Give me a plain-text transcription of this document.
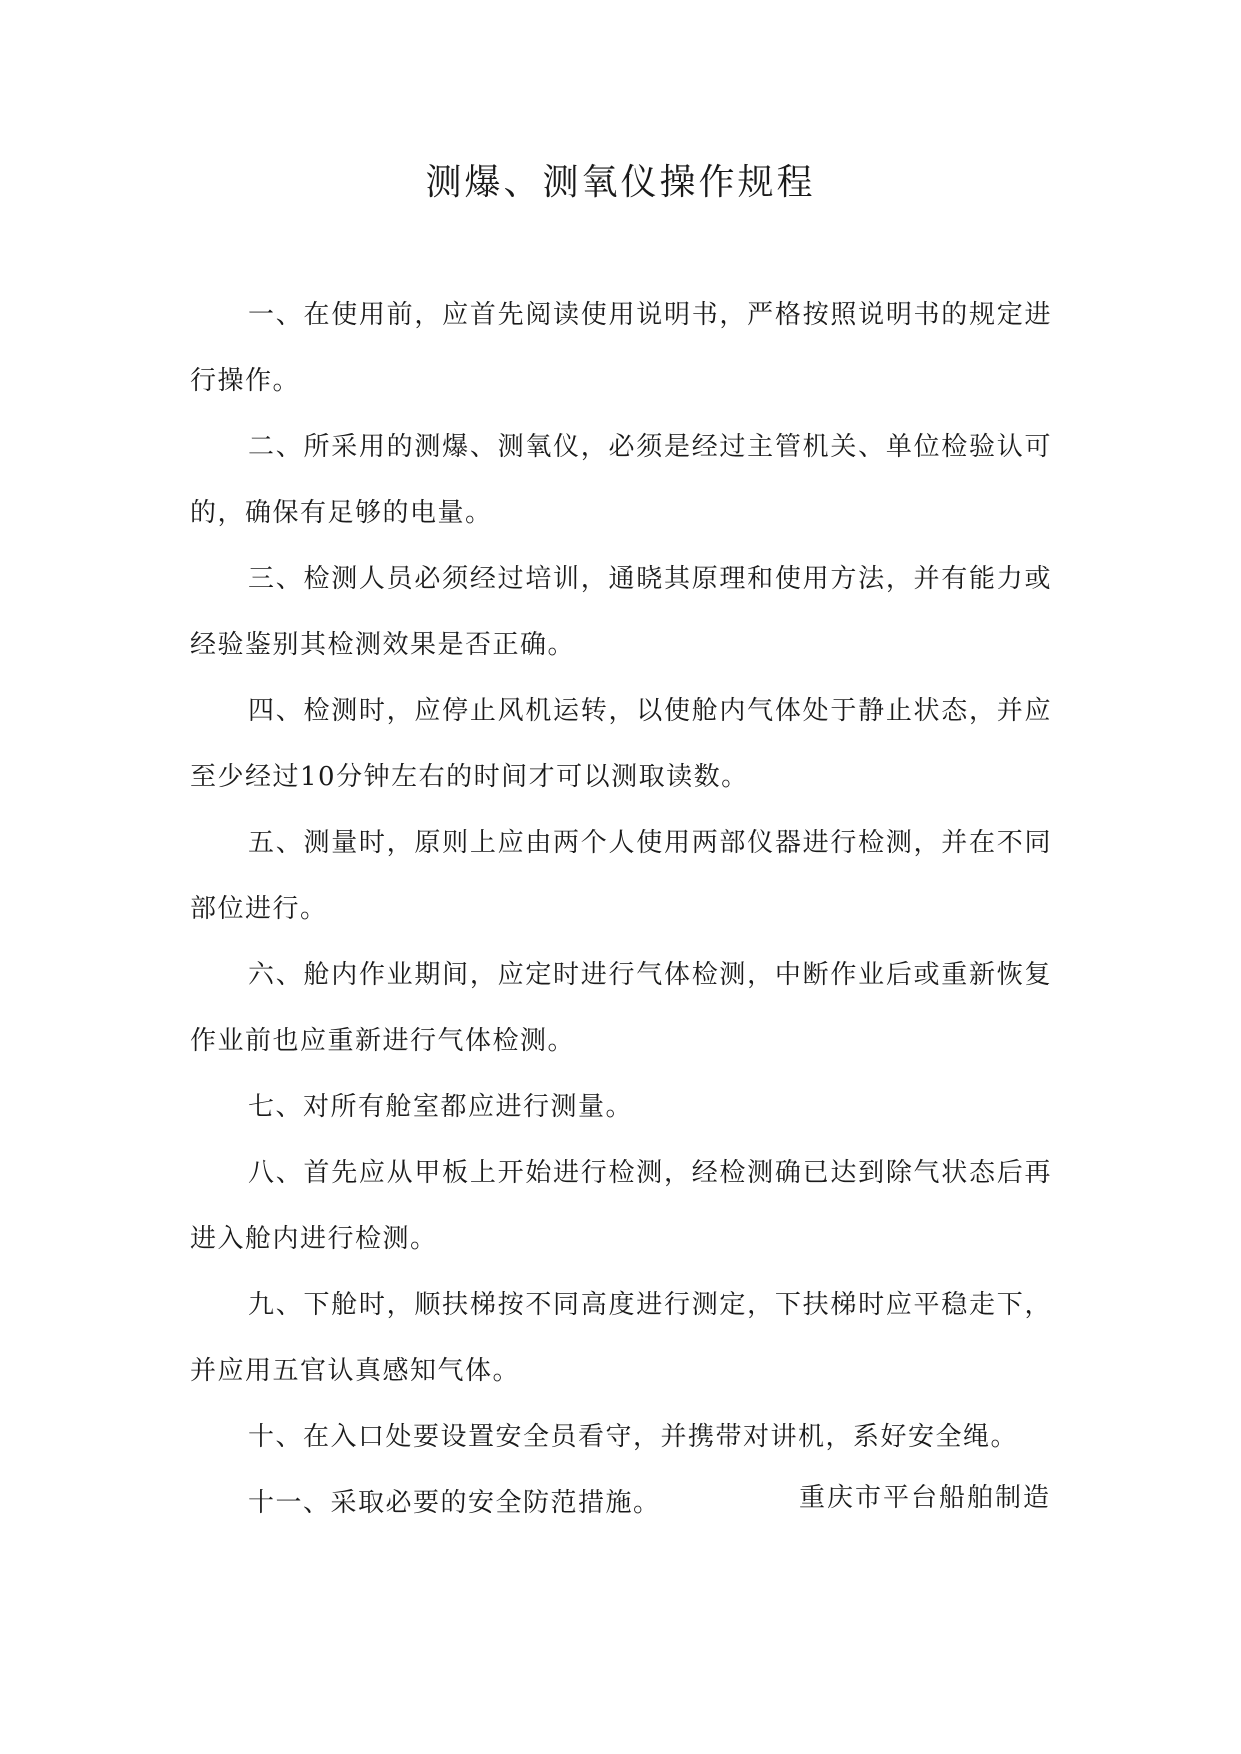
测爆、测氧仪操作规程

一、在使用前，应首先阅读使用说明书，严格按照说明书的规定进行操作。

二、所采用的测爆、测氧仪，必须是经过主管机关、单位检验认可的，确保有足够的电量。

三、检测人员必须经过培训，通晓其原理和使用方法，并有能力或经验鉴别其检测效果是否正确。

四、检测时，应停止风机运转，以使舱内气体处于静止状态，并应至少经过10分钟左右的时间才可以测取读数。

五、测量时，原则上应由两个人使用两部仪器进行检测，并在不同部位进行。

六、舱内作业期间，应定时进行气体检测，中断作业后或重新恢复作业前也应重新进行气体检测。

七、对所有舱室都应进行测量。

八、首先应从甲板上开始进行检测，经检测确已达到除气状态后再进入舱内进行检测。

九、下舱时，顺扶梯按不同高度进行测定，下扶梯时应平稳走下，并应用五官认真感知气体。

十、在入口处要设置安全员看守，并携带对讲机，系好安全绳。

十一、采取必要的安全防范措施。	重庆市平台船舶制造
